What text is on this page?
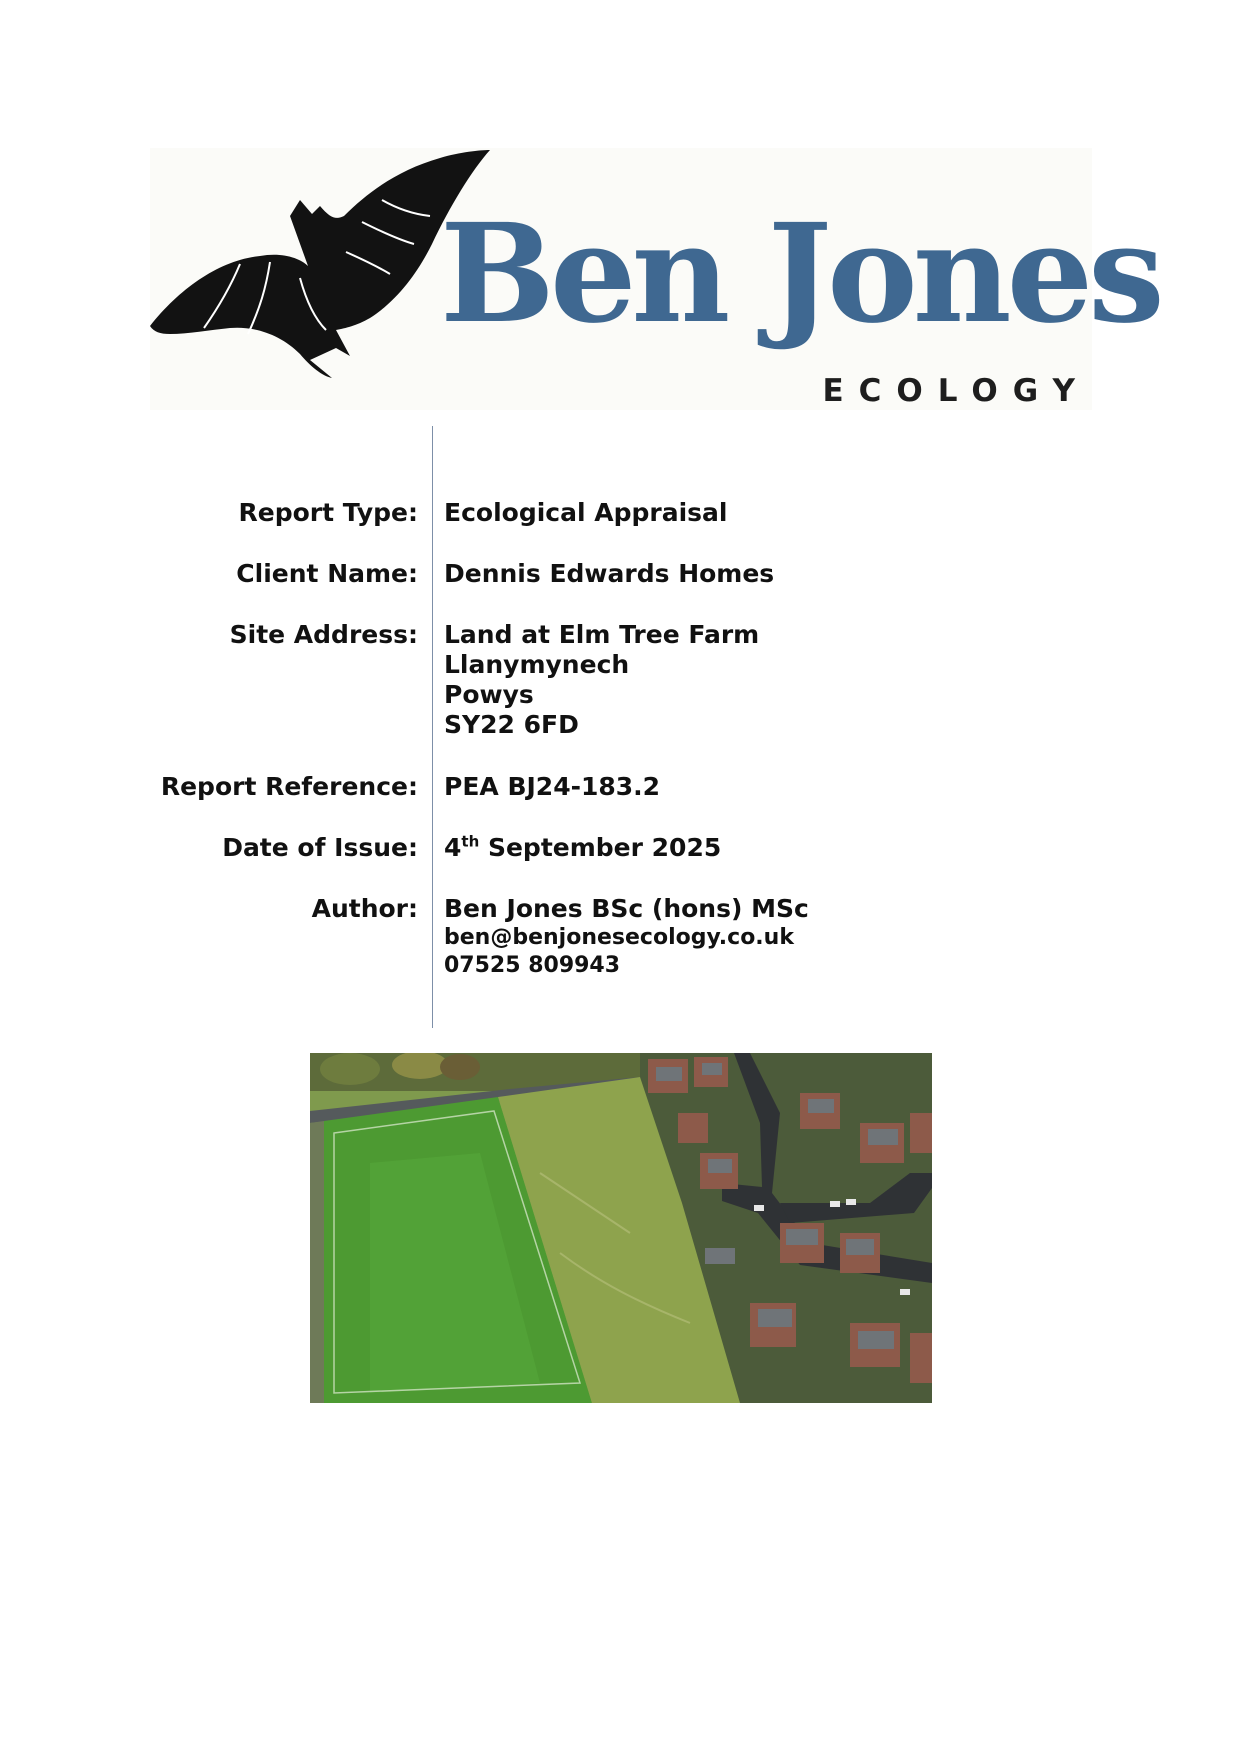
Ben Jones
ECOLOGY
Report Type: Ecological Appraisal
Client Name: Dennis Edwards Homes
Site Address: Land at Elm Tree Farm
Llanymynech
Powys
SY22 6FD
Report Reference: PEA BJ24-183.2
Date of Issue: 4th September 2025
Author: Ben Jones BSc (hons) MSc
ben@benjonesecology.co.uk
07525 809943
